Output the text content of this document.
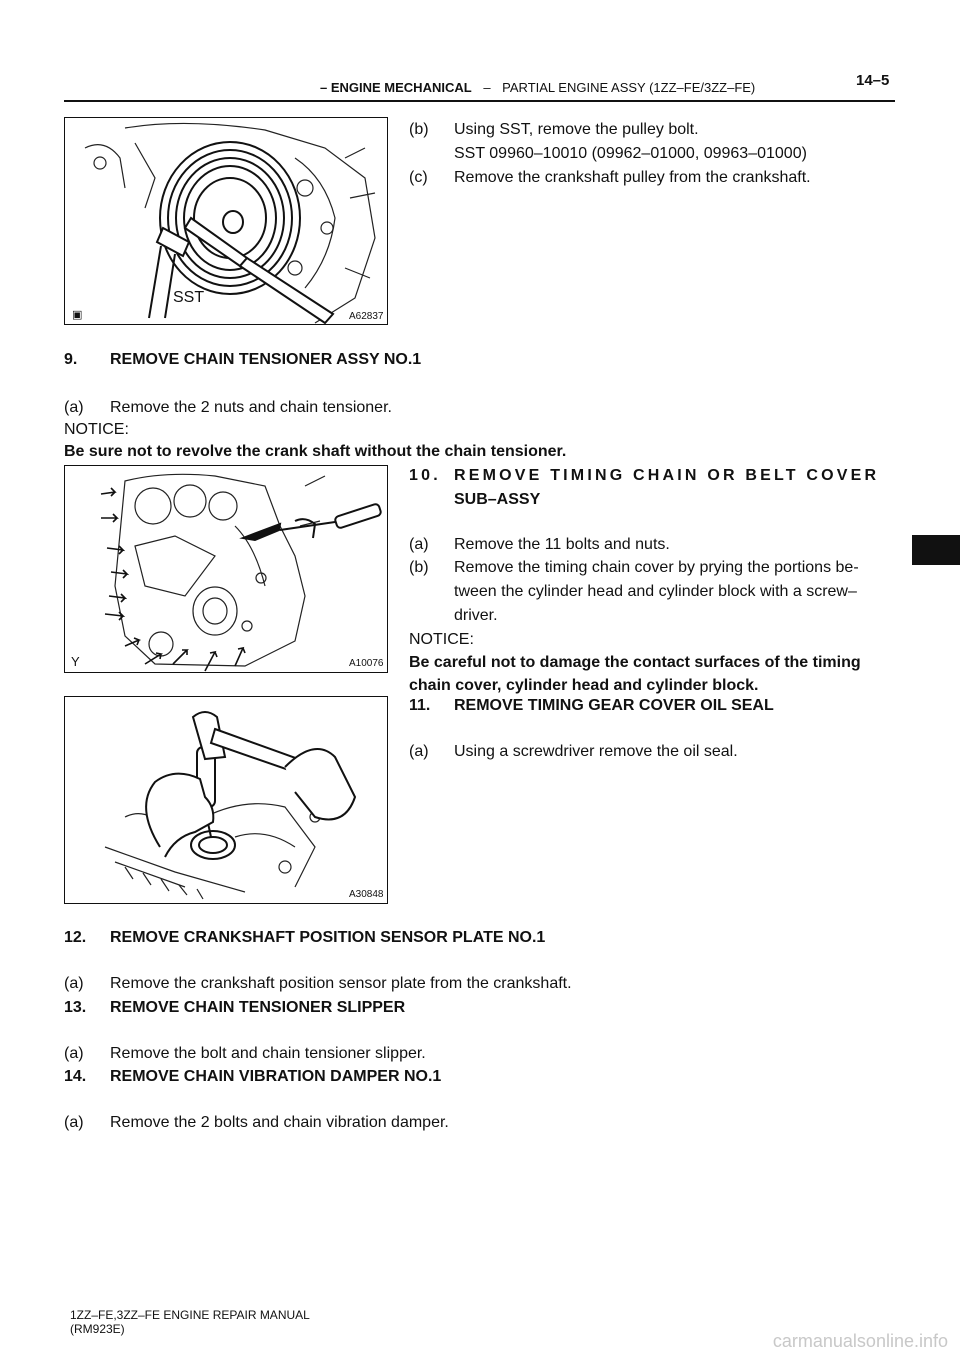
– ENGINE MECHANICAL – PARTIAL ENGINE ASSY (1ZZ–FE/3ZZ–FE)	14–5
SST
▣	A62837
(b) Using SST, remove the pulley bolt.
SST 09960–10010 (09962–01000, 09963–01000)
(c) Remove the crankshaft pulley from the crankshaft.
9. REMOVE CHAIN TENSIONER ASSY NO.1
(a) Remove the 2 nuts and chain tensioner.
NOTICE:
Be sure not to revolve the crank shaft without the chain tensioner.
Y	A10076
10. REMOVE TIMING CHAIN OR BELT COVER
SUB–ASSY
(a) Remove the 11 bolts and nuts.
(b) Remove the timing chain cover by prying the portions be-
tween the cylinder head and cylinder block with a screw–
driver.
NOTICE:
Be careful not to damage the contact surfaces of the timing
chain cover, cylinder head and cylinder block.
A30848
11. REMOVE TIMING GEAR COVER OIL SEAL
(a) Using a screwdriver remove the oil seal.
12. REMOVE CRANKSHAFT POSITION SENSOR PLATE NO.1
(a) Remove the crankshaft position sensor plate from the crankshaft.
13. REMOVE CHAIN TENSIONER SLIPPER
(a) Remove the bolt and chain tensioner slipper.
14. REMOVE CHAIN VIBRATION DAMPER NO.1
(a) Remove the 2 bolts and chain vibration damper.
1ZZ–FE,3ZZ–FE ENGINE REPAIR MANUAL
(RM923E)
carmanualsonline.info
